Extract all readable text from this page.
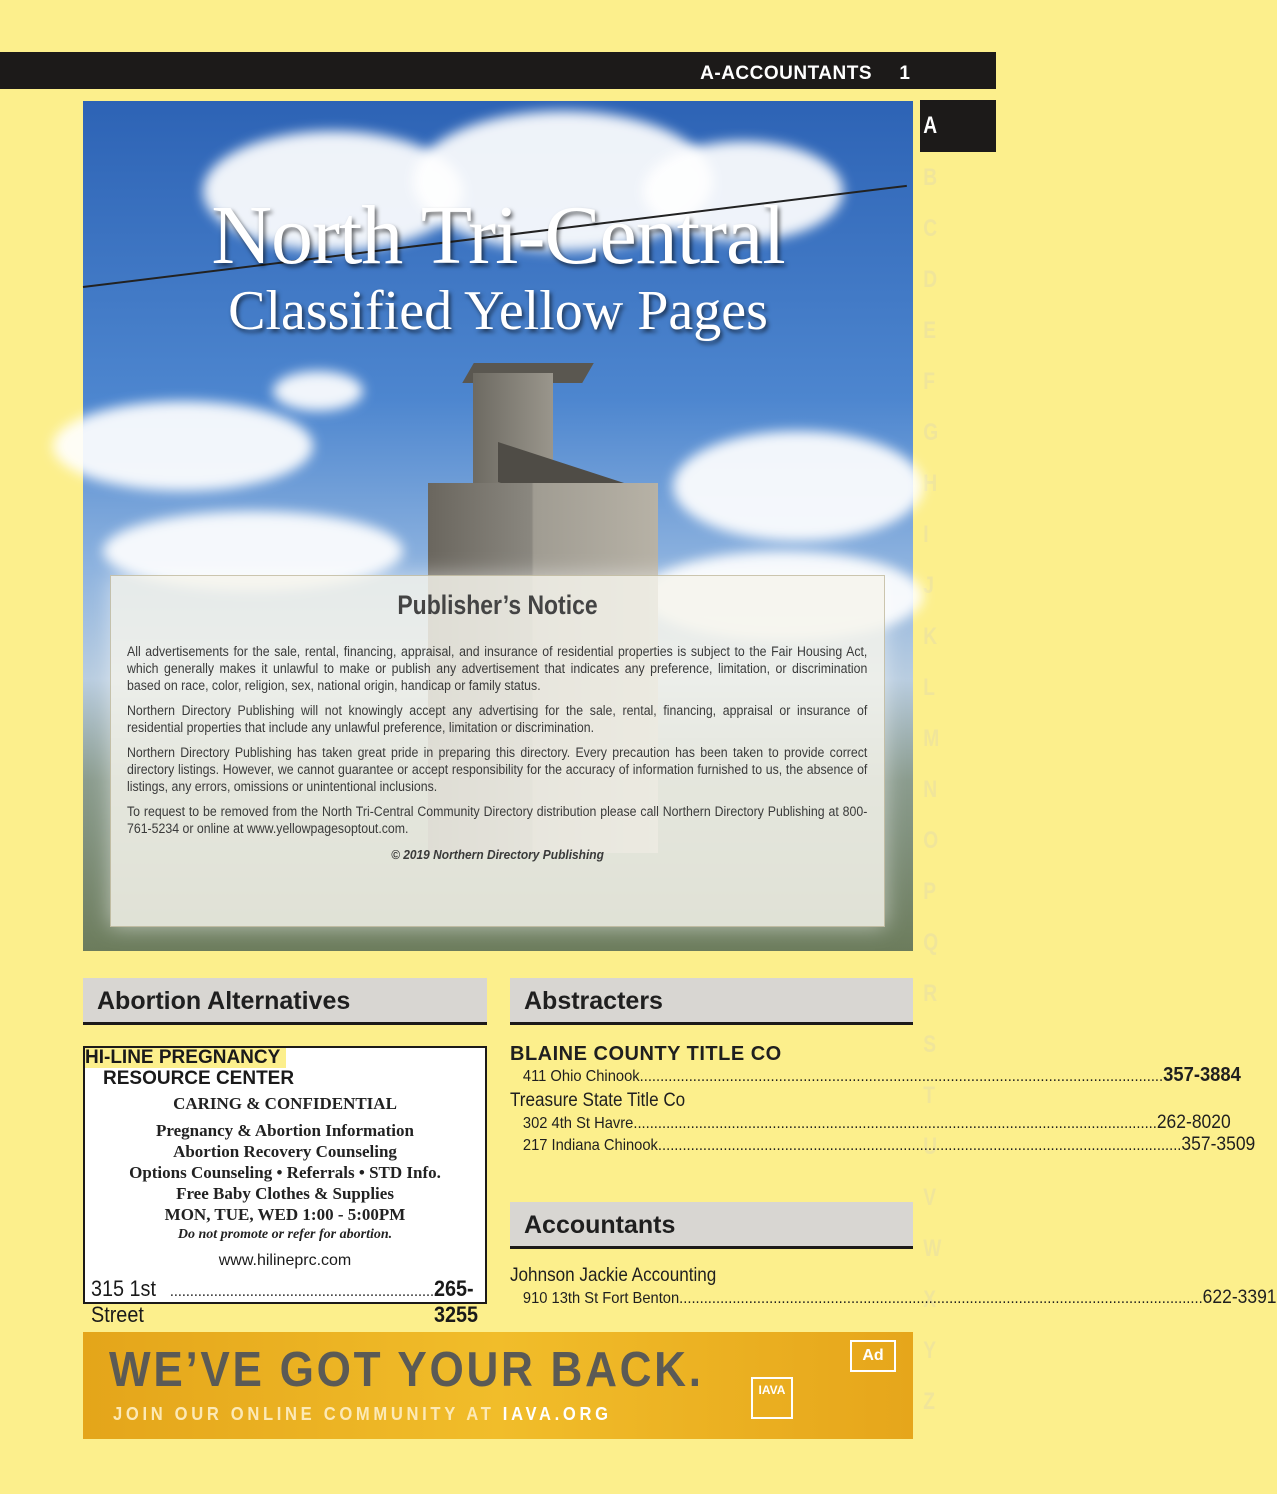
A-ACCOUNTANTS 1
A
B
C
D
E
F
G
H
I
J
K
L
M
N
O
P
Q
R
S
T
U
V
W
X
Y
Z
North Tri-Central
Classified Yellow Pages
Publisher’s Notice

All advertisements for the sale, rental, financing, appraisal, and insurance of residential properties is subject to the Fair Housing Act, which generally makes it unlawful to make or publish any advertisement that indicates any preference, limitation, or discrimination based on race, color, religion, sex, national origin, handicap or family status.

Northern Directory Publishing will not knowingly accept any advertising for the sale, rental, financing, appraisal or insurance of residential properties that include any unlawful preference, limitation or discrimination.

Northern Directory Publishing has taken great pride in preparing this directory. Every precaution has been taken to provide correct directory listings. However, we cannot guarantee or accept responsibility for the accuracy of information furnished to us, the absence of listings, any errors, omissions or unintentional inclusions.

To request to be removed from the North Tri-Central Community Directory distribution please call Northern Directory Publishing at 800-761-5234 or online at www.yellowpagesoptout.com.

© 2019 Northern Directory Publishing
Abortion Alternatives	Abstracters
Accountants
HI-LINE PREGNANCY
RESOURCE CENTER
CARING & CONFIDENTIAL
Pregnancy & Abortion Information
Abortion Recovery Counseling
Options Counseling • Referrals • STD Info.
Free Baby Clothes & Supplies
MON, TUE, WED 1:00 - 5:00PM
Do not promote or refer for abortion.
www.hilineprc.com
315 1st Street
.................................................................. 265-3255
BLAINE COUNTY TITLE CO
411 Ohio Chinook .....	357-3884
Treasure State Title Co
302 4th St Havre .....	262-8020
217 Indiana Chinook .....	357-3509
Johnson Jackie Accounting
910 13th St Fort Benton .....	622-3391
WE’VE GOT YOUR BACK.
JOIN OUR ONLINE COMMUNITY AT IAVA.ORG
IAVA
Ad
